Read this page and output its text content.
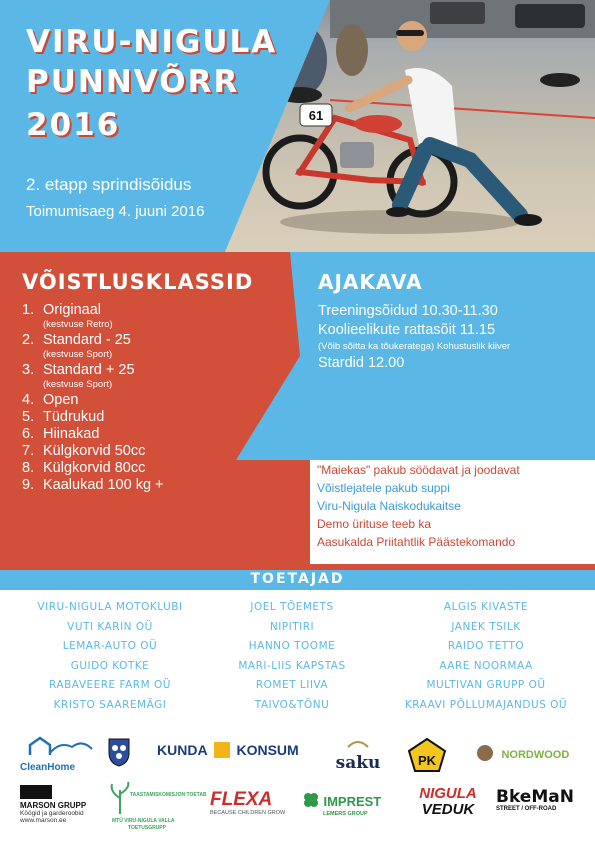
61
VIRU-NIGULA
PUNNVÕRR
2016
2. etapp sprindisõidus
Toimumisaeg 4. juuni 2016
VÕISTLUSKLASSID	AJAKAVA
1. Originaal
(kestvuse Retro)
2. Standard - 25
(kestvuse Sport)
3. Standard + 25
(kestvuse Sport)
4. Open
5. Tüdrukud
6. Hiinakad
7. Külgkorvid 50cc
8. Külgkorvid 80cc
9. Kaalukad 100 kg +
Treeningsõidud 10.30-11.30
Koolieelikute rattasõit 11.15
(Võib sõitta ka tõukeratega) Kohustuslik kiiver
Stardid 12.00
"Maiekas" pakub söödavat ja joodavat
Võistlejatele pakub suppi
Viru-Nigula Naiskodukaitse
Demo ürituse teeb ka
Aasukalda Priitahtlik Päästekomando
TOETAJAD
VIRU-NIGULA MOTOKLUBI
VUTI KARIN OÜ
LEMAR-AUTO OÜ
GUIDO KOTKE
RABAVEERE FARM OÜ
KRISTO SAAREMÄGI
JOEL TÕEMETS
NIPITIRI
HANNO TOOME
MARI-LIIS KAPSTAS
ROMET LIIVA
TAIVO&TÕNU
ALGIS KIVASTE
JANEK TSILK
RAIDO TETTO
AARE NOORMAA
MULTIVAN GRUPP OÜ
KRAAVI PÕLLUMAJANDUS OÜ
CleanHome
KUNDA KONSUM
saku	PK	NORDWOOD
MARSON GRUPP
Köögid ja garderoobid
www.marson.ee
TAASTAMISKOMISJON TOETAB
MTÜ VIRU-NIGULA VALLA
TOETUSGRUPP
FLEXA
BECAUSE CHILDREN GROW
IMPREST
LEMERS GROUP
NIGULA
VEDUK
BkeMaN
STREET / OFF-ROAD
